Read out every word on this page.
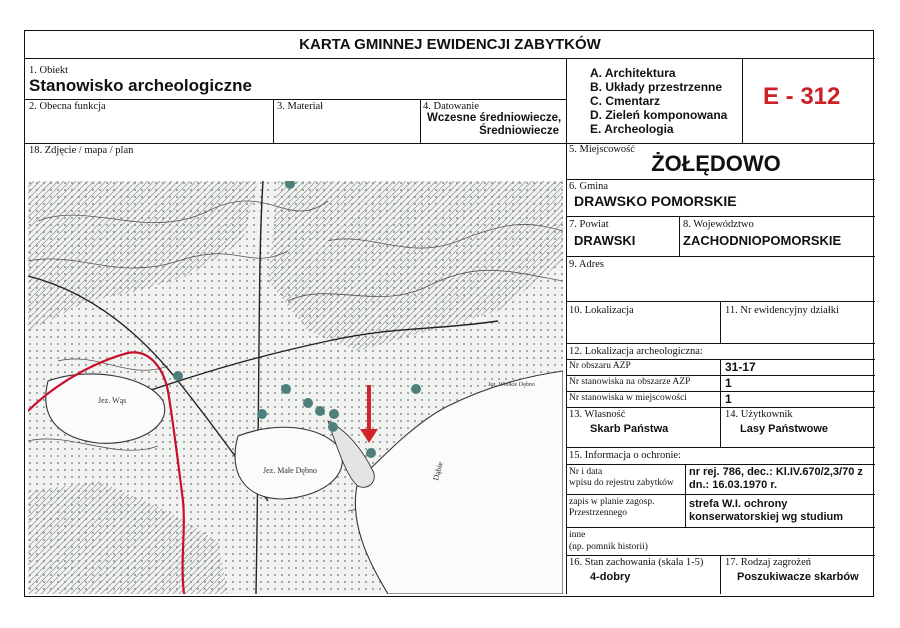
KARTA GMINNEJ EWIDENCJI ZABYTKÓW
1. Obiekt
Stanowisko archeologiczne
2. Obecna funkcja	3. Materiał	4. Datowanie
Wczesne średniowiecze,
Średniowiecze
18. Zdjęcie / mapa / plan
Jez. Wąs
Jez. Małe Dębno
Jez. Wielkie Dębno
Dąbie
A. Architektura
B. Układy przestrzenne
C. Cmentarz
D. Zieleń komponowana
E. Archeologia
E - 312
5. Miejscowość
ŻOŁĘDOWO
6. Gmina
DRAWSKO POMORSKIE
7. Powiat
DRAWSKI
8. Województwo
ZACHODNIOPOMORSKIE
9. Adres
10. Lokalizacja	11. Nr ewidencyjny działki
12. Lokalizacja archeologiczna:
Nr obszaru AZP	31-17
Nr stanowiska na obszarze AZP	1
Nr stanowiska w miejscowości	1
13. Własność
Skarb Państwa
14. Użytkownik
Lasy Państwowe
15. Informacja o ochronie:
Nr i data
wpisu do rejestru zabytków
nr rej. 786, dec.: Kl.IV.670/2,3/70 z
dn.: 16.03.1970 r.
zapis w planie zagosp.
Przestrzennego
strefa W.I. ochrony
konserwatorskiej wg studium
inne
(np. pomnik historii)
16. Stan zachowania (skala 1-5)
4-dobry
17. Rodzaj zagrożeń
Poszukiwacze skarbów
